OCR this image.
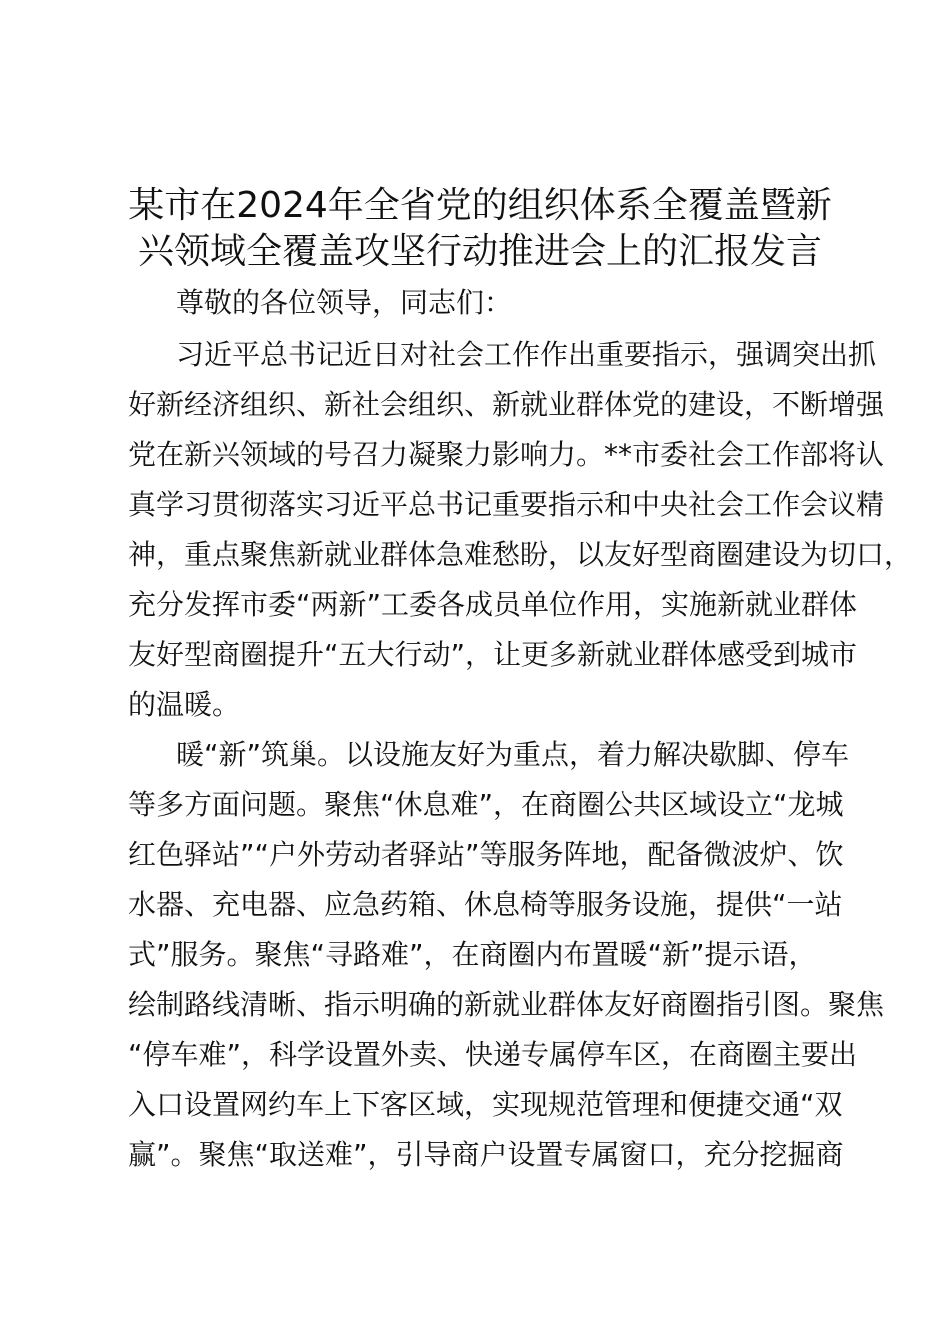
某市在2024年全省党的组织体系全覆盖暨新
兴领域全覆盖攻坚行动推进会上的汇报发言

尊敬的各位领导，同志们：

习近平总书记近日对社会工作作出重要指示，强调突出抓

好新经济组织、新社会组织、新就业群体党的建设，不断增强

党在新兴领域的号召力凝聚力影响力。**市委社会工作部将认

真学习贯彻落实习近平总书记重要指示和中央社会工作会议精

神，重点聚焦新就业群体急难愁盼，以友好型商圈建设为切口，

充分发挥市委“两新”工委各成员单位作用，实施新就业群体

友好型商圈提升“五大行动”，让更多新就业群体感受到城市

的温暖。

暖“新”筑巢。以设施友好为重点，着力解决歇脚、停车

等多方面问题。聚焦“休息难”，在商圈公共区域设立“龙城

红色驿站”“户外劳动者驿站”等服务阵地，配备微波炉、饮

水器、充电器、应急药箱、休息椅等服务设施，提供“一站

式”服务。聚焦“寻路难”，在商圈内布置暖“新”提示语，

绘制路线清晰、指示明确的新就业群体友好商圈指引图。聚焦

“停车难”，科学设置外卖、快递专属停车区，在商圈主要出

入口设置网约车上下客区域，实现规范管理和便捷交通“双

赢”。聚焦“取送难”，引导商户设置专属窗口，充分挖掘商
